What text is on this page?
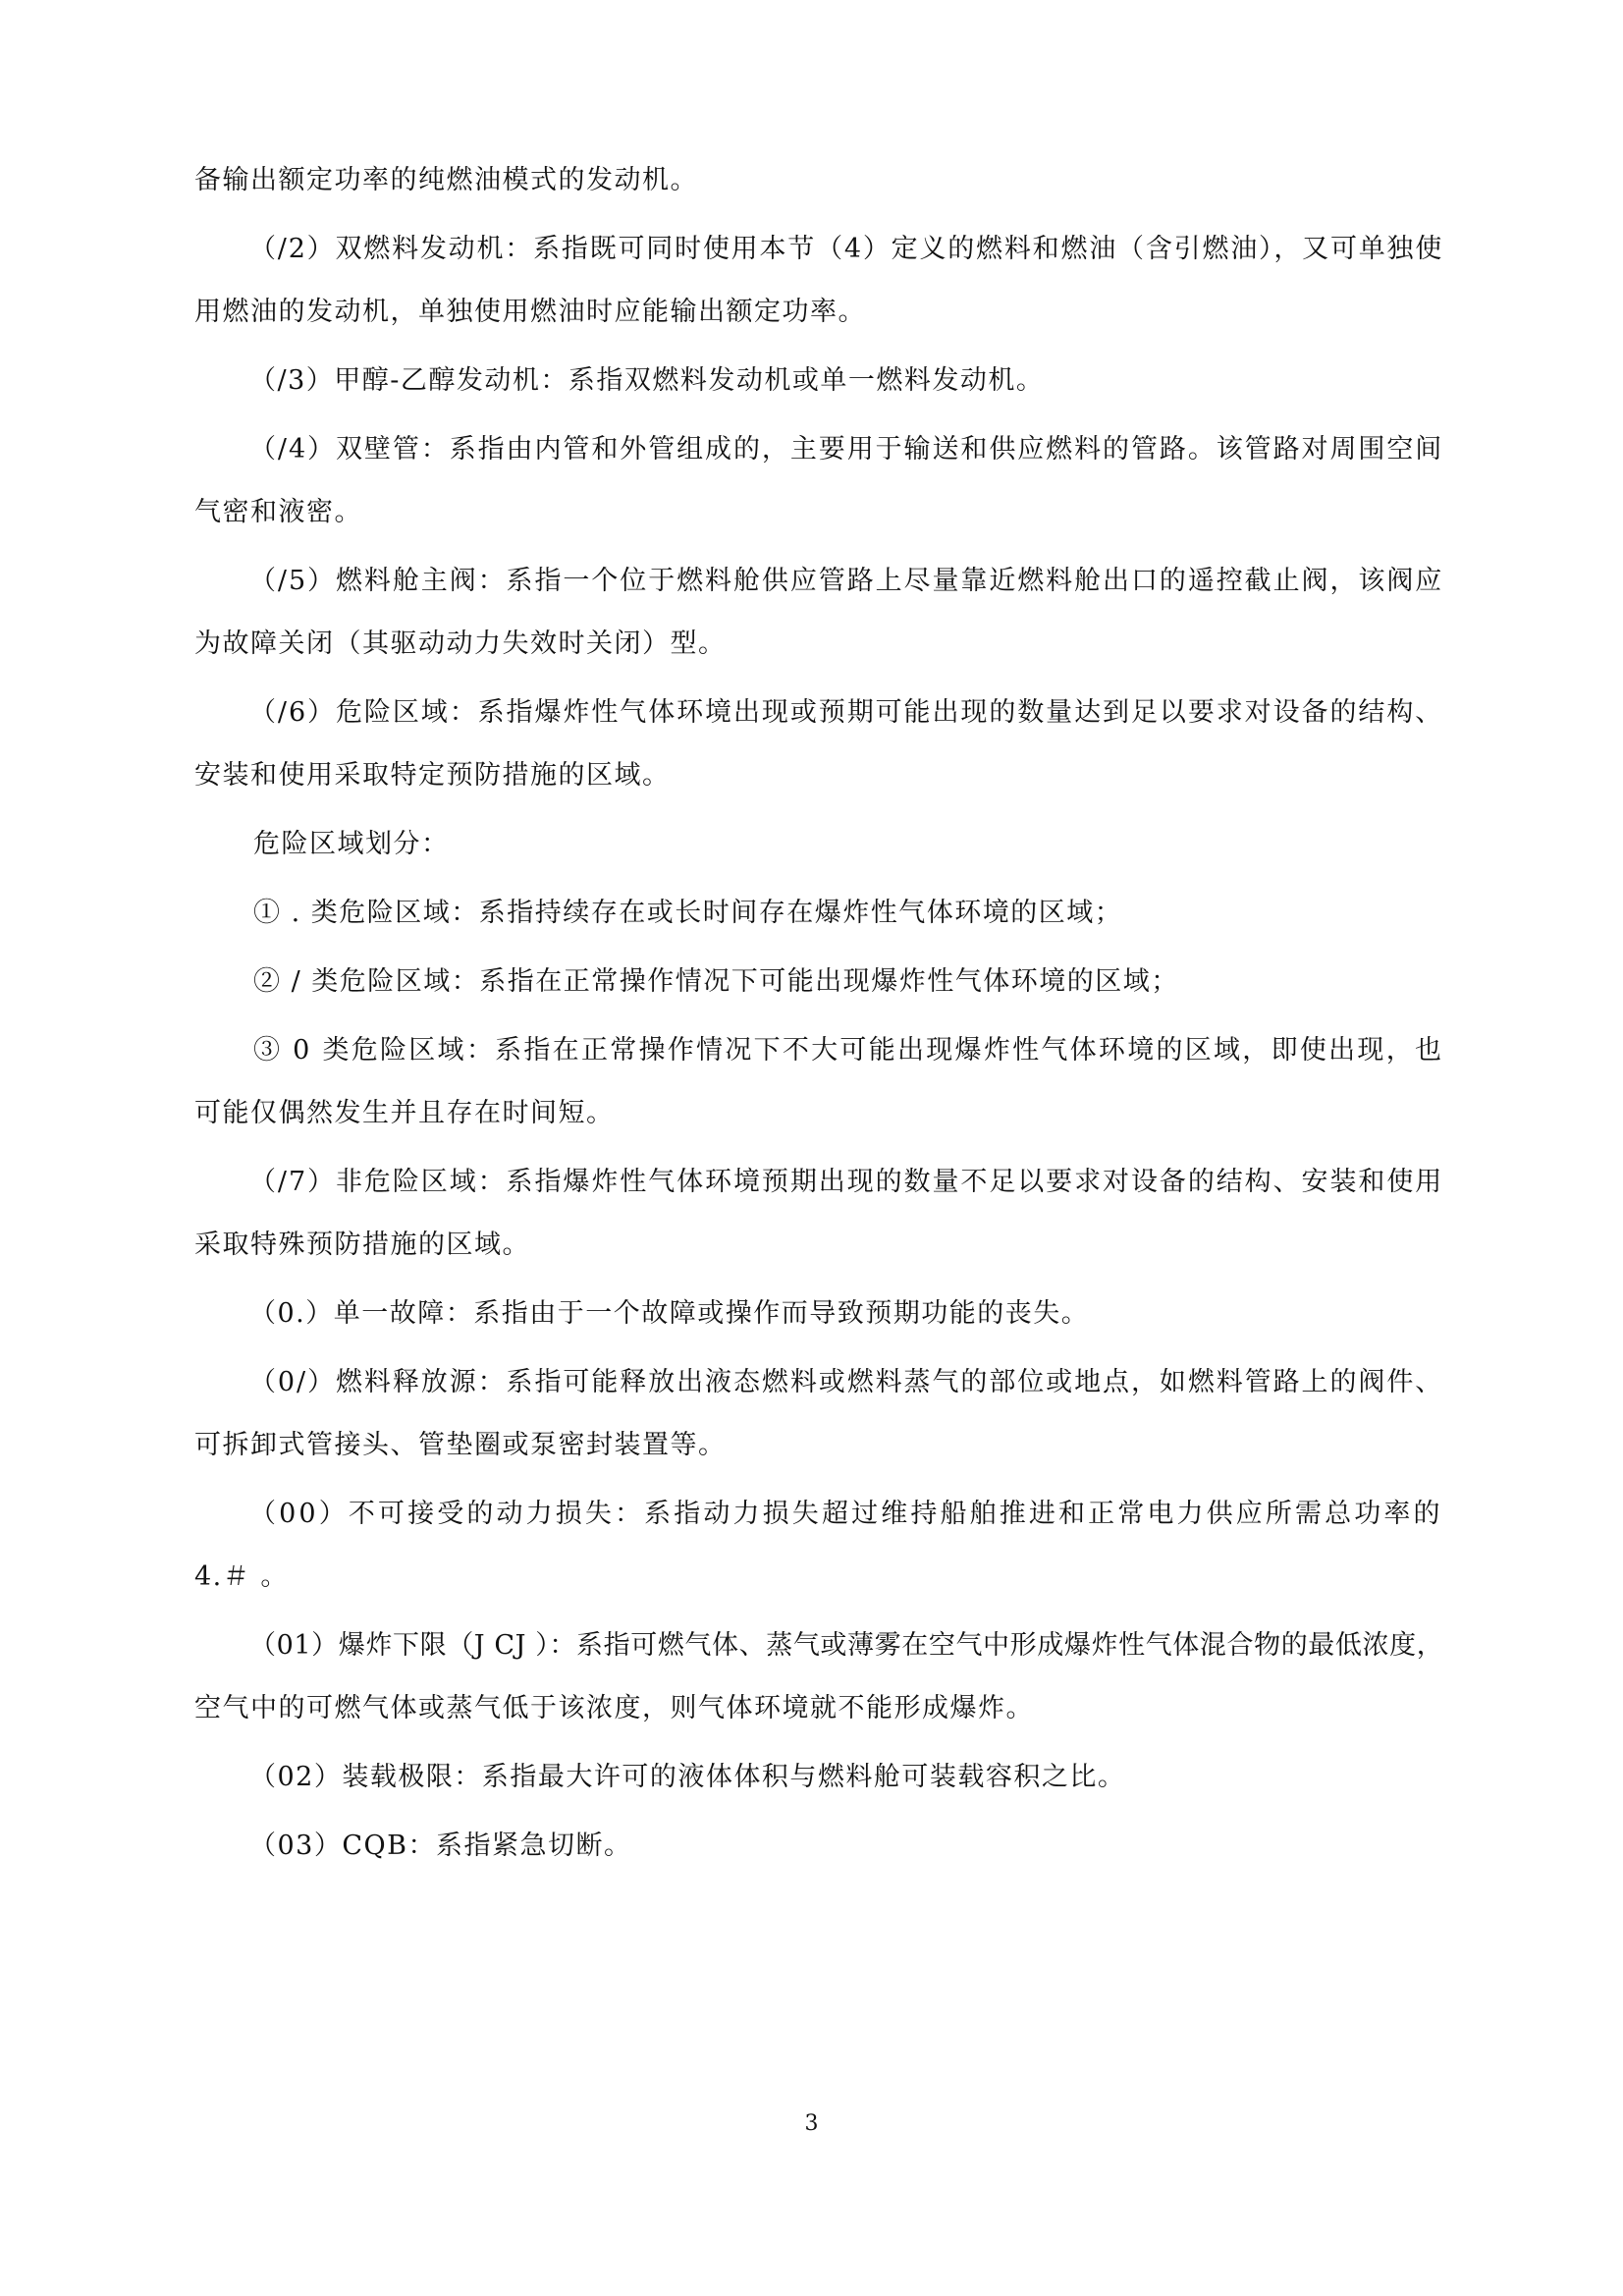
备输出额定功率的纯燃油模式的发动机。
（/2）双燃料发动机：系指既可同时使用本节（4）定义的燃料和燃油（含引燃油），又可单独使
用燃油的发动机，单独使用燃油时应能输出额定功率。
（/3）甲醇-乙醇发动机：系指双燃料发动机或单一燃料发动机。
（/4）双壁管：系指由内管和外管组成的，主要用于输送和供应燃料的管路。该管路对周围空间
气密和液密。
（/5）燃料舱主阀：系指一个位于燃料舱供应管路上尽量靠近燃料舱出口的遥控截止阀，该阀应
为故障关闭（其驱动动力失效时关闭）型。
（/6）危险区域：系指爆炸性气体环境出现或预期可能出现的数量达到足以要求对设备的结构、
安装和使用采取特定预防措施的区域。
危险区域划分：
① . 类危险区域：系指持续存在或长时间存在爆炸性气体环境的区域；
② / 类危险区域：系指在正常操作情况下可能出现爆炸性气体环境的区域；
③ 0 类危险区域：系指在正常操作情况下不大可能出现爆炸性气体环境的区域，即使出现，也
可能仅偶然发生并且存在时间短。
（/7）非危险区域：系指爆炸性气体环境预期出现的数量不足以要求对设备的结构、安装和使用
采取特殊预防措施的区域。
（0.）单一故障：系指由于一个故障或操作而导致预期功能的丧失。
（0/）燃料释放源：系指可能释放出液态燃料或燃料蒸气的部位或地点，如燃料管路上的阀件、
可拆卸式管接头、管垫圈或泵密封装置等。
（00）不可接受的动力损失：系指动力损失超过维持船舶推进和正常电力供应所需总功率的
4.＃ 。
（01）爆炸下限（J CJ ）：系指可燃气体、蒸气或薄雾在空气中形成爆炸性气体混合物的最低浓度，
空气中的可燃气体或蒸气低于该浓度，则气体环境就不能形成爆炸。
（02）装载极限：系指最大许可的液体体积与燃料舱可装载容积之比。
（03）CQB：系指紧急切断。
3
